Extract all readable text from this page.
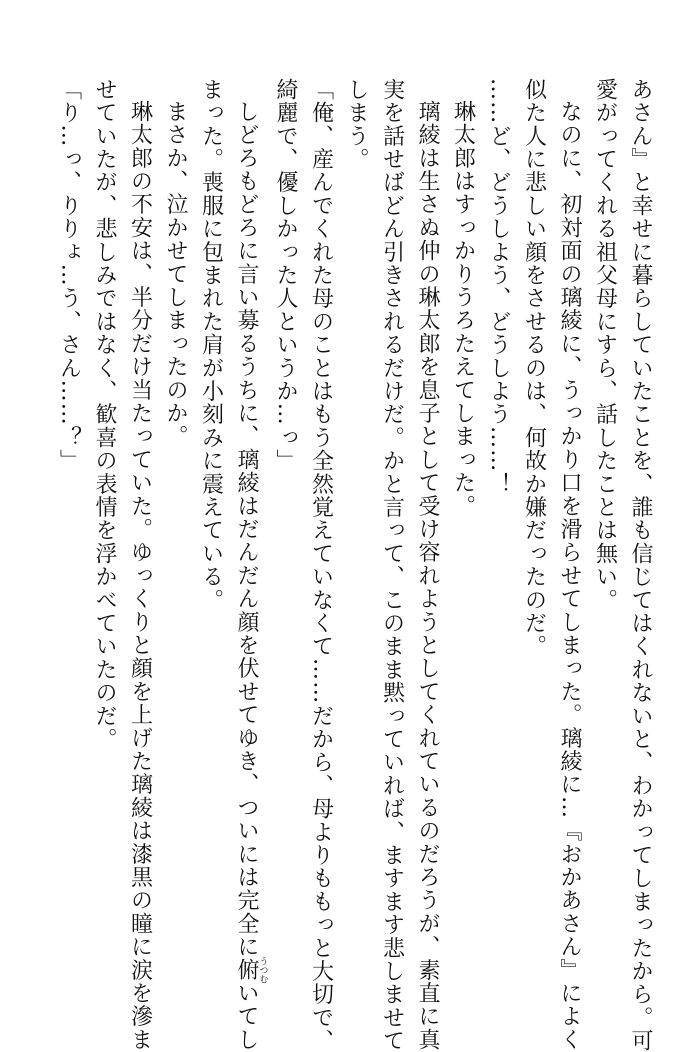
あさん』と幸せに暮らしていたことを、誰も信じてはくれないと、わかってしまったから。可
愛がってくれる祖父母にすら、話したことは無い。
なのに、初対面の璃綾に、うっかり口を滑らせてしまった。璃綾に…『おかあさん』によく
似た人に悲しい顔をさせるのは、何故か嫌だったのだ。
……ど、どうしよう、どうしよう……！
琳太郎はすっかりうろたえてしまった。
璃綾は生さぬ仲の琳太郎を息子として受け容れようとしてくれているのだろうが、素直に真
実を話せばどん引きされるだけだ。かと言って、このまま黙っていれば、ますます悲しませて
しまう。
「俺、産んでくれた母のことはもう全然覚えていなくて……だから、母よりももっと大切で、
綺麗で、優しかった人というか…っ」
しどろもどろに言い募るうちに、璃綾はだんだん顔を伏せてゆき、ついには完全に俯うつむいてし
まった。喪服に包まれた肩が小刻みに震えている。
まさか、泣かせてしまったのか。
琳太郎の不安は、半分だけ当たっていた。ゆっくりと顔を上げた璃綾は漆黒の瞳に涙を滲ま
せていたが、悲しみではなく、歓喜の表情を浮かべていたのだ。
「り…っ、りりょ…う、さん……？」
